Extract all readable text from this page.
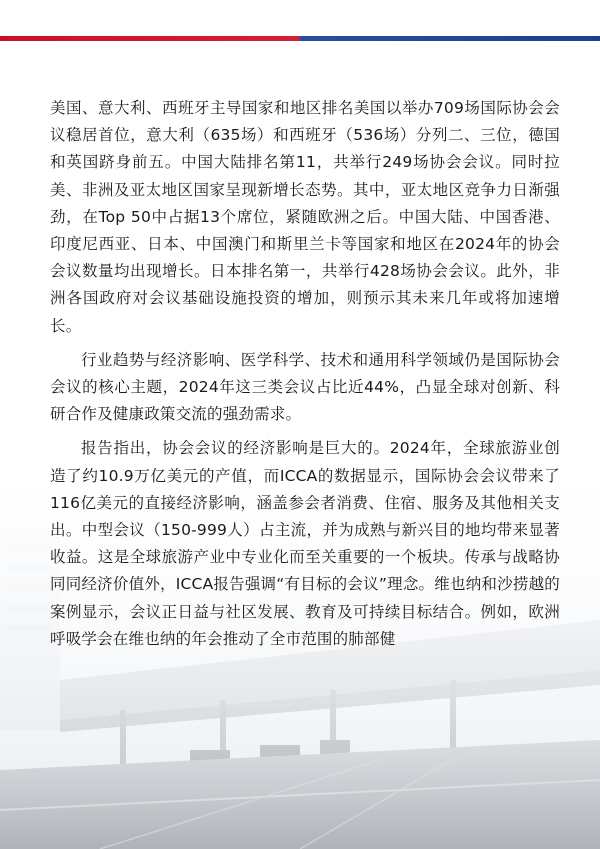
美国、意大利、西班牙主导国家和地区排名美国以举办709场国际协会会议稳居首位，意大利（635场）和西班牙（536场）分列二、三位，德国和英国跻身前五。中国大陆排名第11，共举行249场协会会议。同时拉美、非洲及亚太地区国家呈现新增长态势。其中，亚太地区竞争力日渐强劲，在Top 50中占据13个席位，紧随欧洲之后。中国大陆、中国香港、印度尼西亚、日本、中国澳门和斯里兰卡等国家和地区在2024年的协会会议数量均出现增长。日本排名第一，共举行428场协会会议。此外，非洲各国政府对会议基础设施投资的增加，则预示其未来几年或将加速增长。

行业趋势与经济影响、医学科学、技术和通用科学领域仍是国际协会会议的核心主题，2024年这三类会议占比近44%，凸显全球对创新、科研合作及健康政策交流的强劲需求。

报告指出，协会会议的经济影响是巨大的。2024年，全球旅游业创造了约10.9万亿美元的产值，而ICCA的数据显示，国际协会会议带来了116亿美元的直接经济影响，涵盖参会者消费、住宿、服务及其他相关支出。中型会议（150-999人）占主流，并为成熟与新兴目的地均带来显著收益。这是全球旅游产业中专业化而至关重要的一个板块。传承与战略协同同经济价值外，ICCA报告强调“有目标的会议”理念。维也纳和沙捞越的案例显示，会议正日益与社区发展、教育及可持续目标结合。例如，欧洲呼吸学会在维也纳的年会推动了全市范围的肺部健
